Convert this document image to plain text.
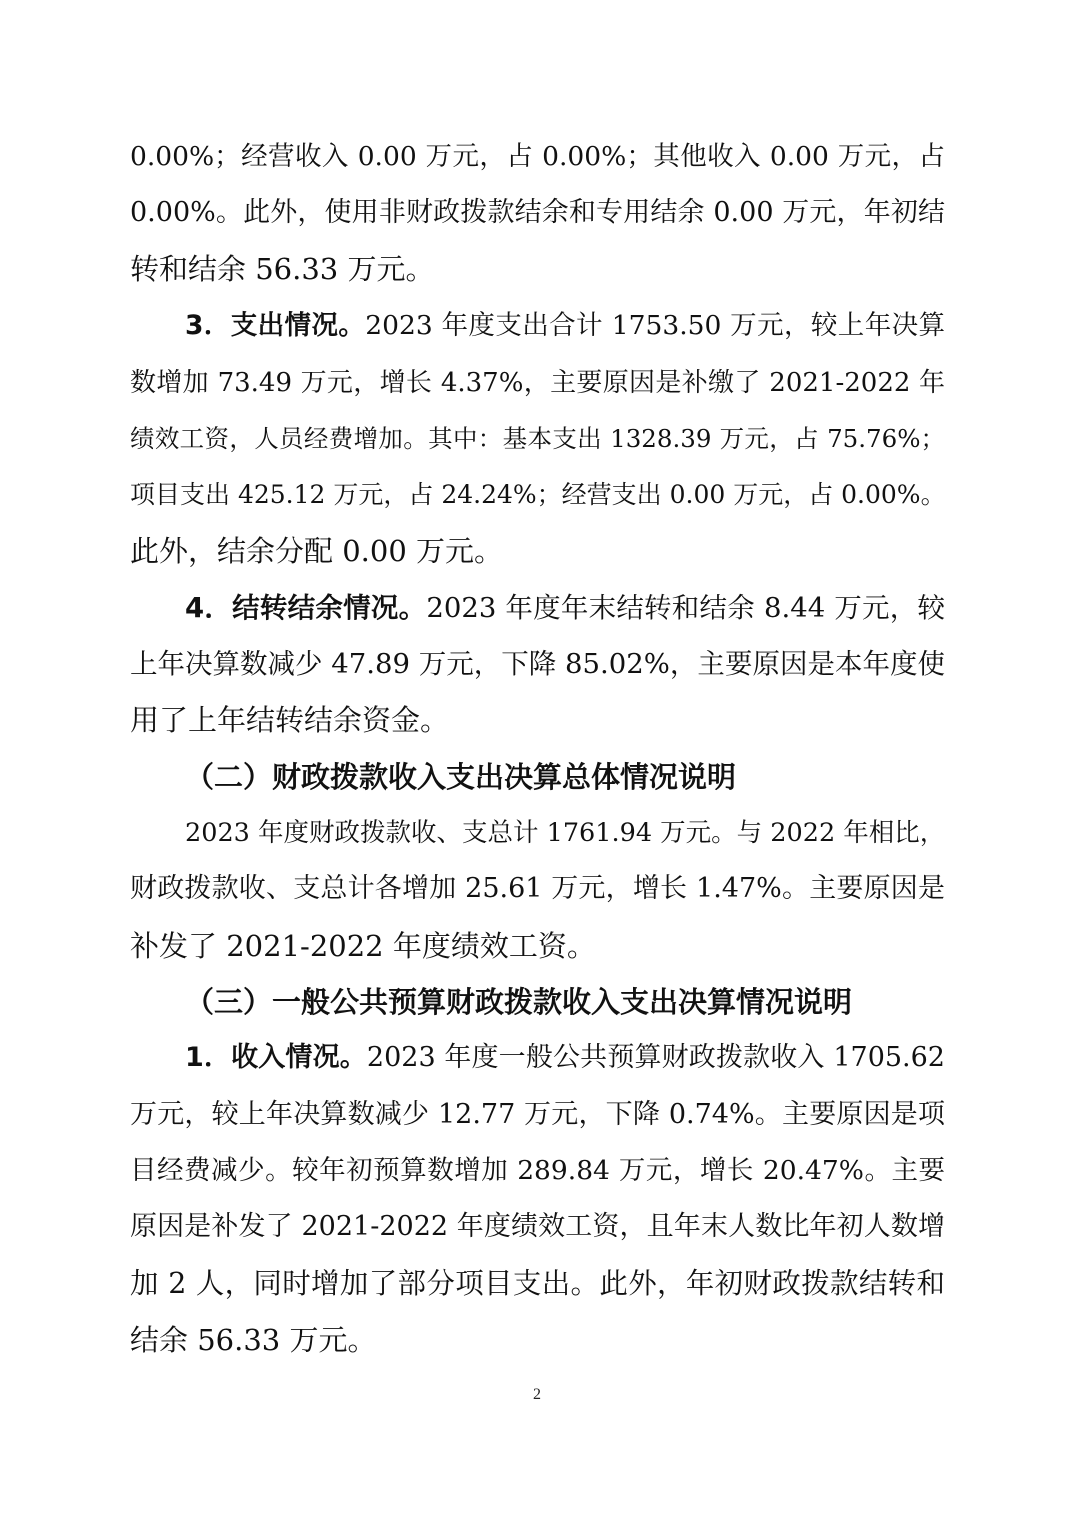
0.00%；经营收入 0.00 万元，占 0.00%；其他收入 0.00 万元，占
0.00%。此外，使用非财政拨款结余和专用结余 0.00 万元，年初结
转和结余 56.33 万元。
3．支出情况。2023 年度支出合计 1753.50 万元，较上年决算
数增加 73.49 万元，增长 4.37%，主要原因是补缴了 2021-2022 年
绩效工资，人员经费增加。其中：基本支出 1328.39 万元，占 75.76%；
项目支出 425.12 万元，占 24.24%；经营支出 0.00 万元，占 0.00%。
此外，结余分配 0.00 万元。
4．结转结余情况。2023 年度年末结转和结余 8.44 万元，较
上年决算数减少 47.89 万元，下降 85.02%，主要原因是本年度使
用了上年结转结余资金。
（二）财政拨款收入支出决算总体情况说明
2023 年度财政拨款收、支总计 1761.94 万元。与 2022 年相比，
财政拨款收、支总计各增加 25.61 万元，增长 1.47%。主要原因是
补发了 2021-2022 年度绩效工资。
（三）一般公共预算财政拨款收入支出决算情况说明
1．收入情况。2023 年度一般公共预算财政拨款收入 1705.62
万元，较上年决算数减少 12.77 万元，下降 0.74%。主要原因是项
目经费减少。较年初预算数增加 289.84 万元，增长 20.47%。主要
原因是补发了 2021-2022 年度绩效工资，且年末人数比年初人数增
加 2 人，同时增加了部分项目支出。此外，年初财政拨款结转和
结余 56.33 万元。
2
